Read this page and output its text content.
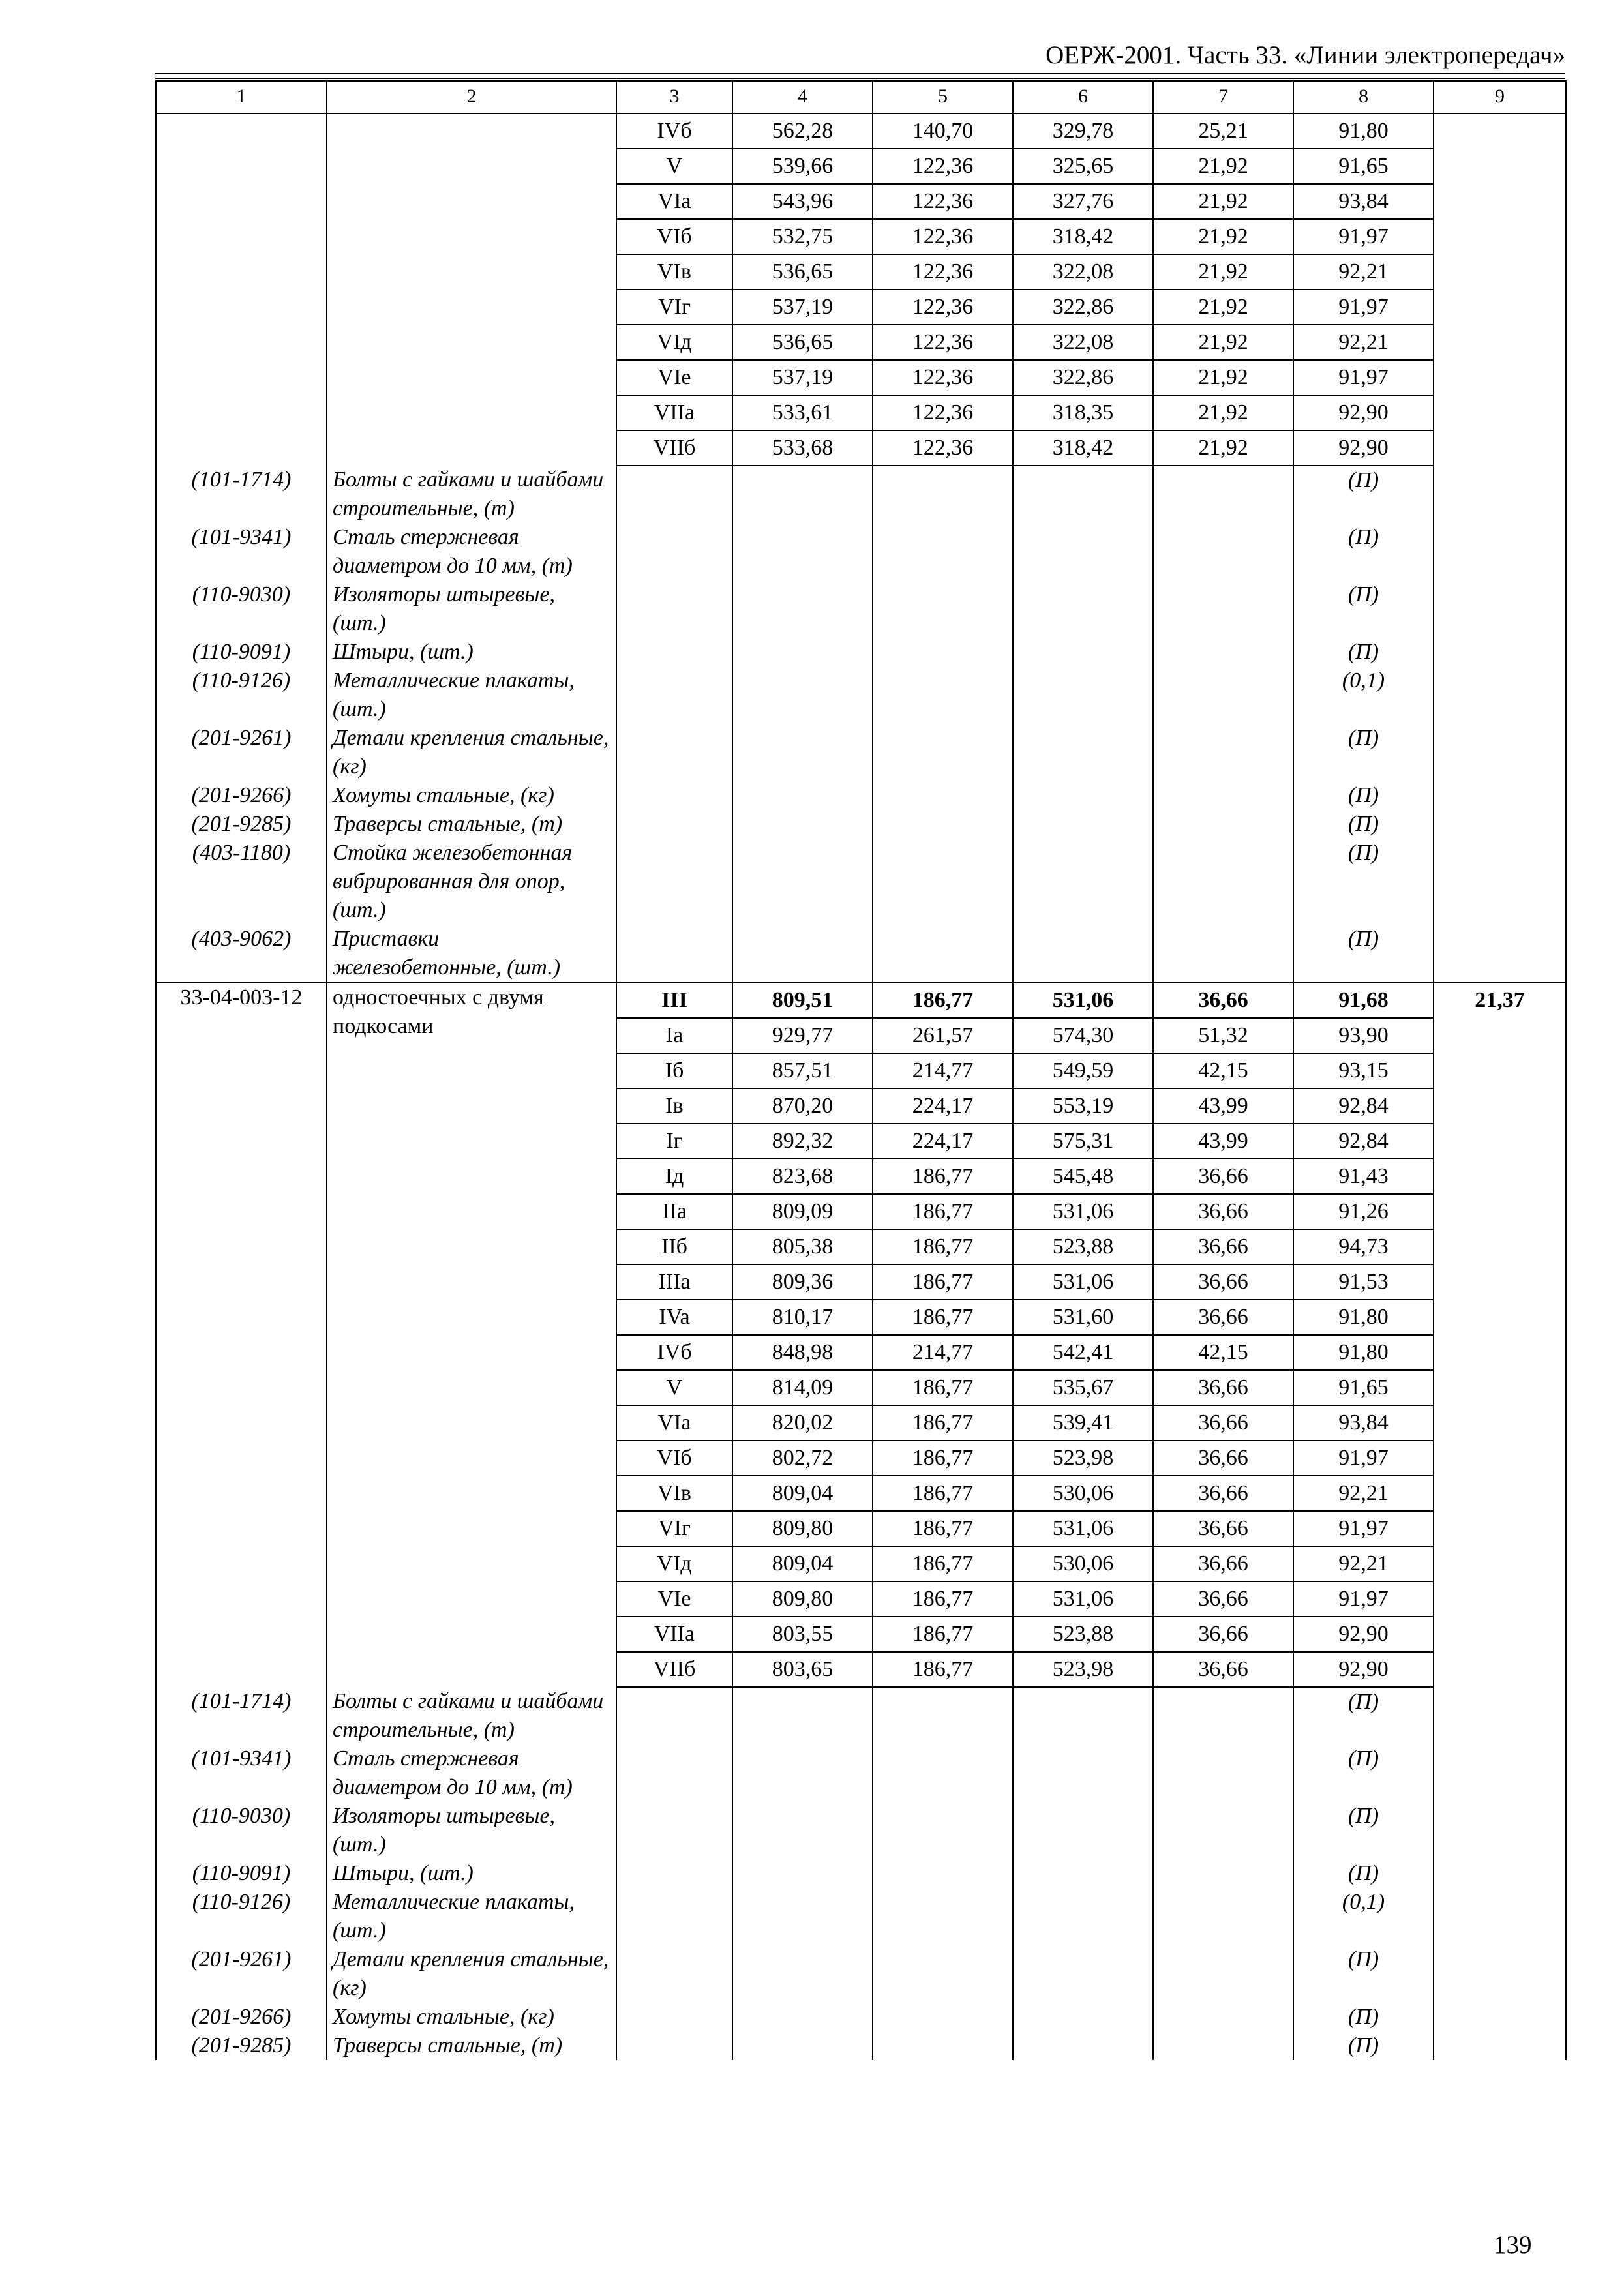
ОЕРЖ-2001. Часть 33. «Линии электропередач»
1	2	3	4	5	6	7	8	9
		IVб	562,28	140,70	329,78	25,21	91,80	
		V	539,66	122,36	325,65	21,92	91,65	
		VIa	543,96	122,36	327,76	21,92	93,84	
		VIб	532,75	122,36	318,42	21,92	91,97	
		VIв	536,65	122,36	322,08	21,92	92,21	
		VIг	537,19	122,36	322,86	21,92	91,97	
		VIд	536,65	122,36	322,08	21,92	92,21	
		VIе	537,19	122,36	322,86	21,92	91,97	
		VIIa	533,61	122,36	318,35	21,92	92,90	
		VIIб	533,68	122,36	318,42	21,92	92,90	
(101-1714)	Болты с гайками и шайбами строительные, (т)						(П)	
(101-9341)	Сталь стержневая диаметром до 10 мм, (т)						(П)	
(110-9030)	Изоляторы штыревые, (шт.)						(П)	
(110-9091)	Штыри, (шт.)						(П)	
(110-9126)	Металлические плакаты, (шт.)						(0,1)	
(201-9261)	Детали крепления стальные, (кг)						(П)	
(201-9266)	Хомуты стальные, (кг)						(П)	
(201-9285)	Траверсы стальные, (т)						(П)	
(403-1180)	Стойка железобетонная вибрированная для опор, (шт.)						(П)	
(403-9062)	Приставки железобетонные, (шт.)						(П)	
33-04-003-12	одностоечных с двумя подкосами	III	809,51	186,77	531,06	36,66	91,68	21,37
		Ia	929,77	261,57	574,30	51,32	93,90	
		Iб	857,51	214,77	549,59	42,15	93,15	
		Iв	870,20	224,17	553,19	43,99	92,84	
		Iг	892,32	224,17	575,31	43,99	92,84	
		Iд	823,68	186,77	545,48	36,66	91,43	
		IIa	809,09	186,77	531,06	36,66	91,26	
		IIб	805,38	186,77	523,88	36,66	94,73	
		IIIa	809,36	186,77	531,06	36,66	91,53	
		IVa	810,17	186,77	531,60	36,66	91,80	
		IVб	848,98	214,77	542,41	42,15	91,80	
		V	814,09	186,77	535,67	36,66	91,65	
		VIa	820,02	186,77	539,41	36,66	93,84	
		VIб	802,72	186,77	523,98	36,66	91,97	
		VIв	809,04	186,77	530,06	36,66	92,21	
		VIг	809,80	186,77	531,06	36,66	91,97	
		VIд	809,04	186,77	530,06	36,66	92,21	
		VIе	809,80	186,77	531,06	36,66	91,97	
		VIIa	803,55	186,77	523,88	36,66	92,90	
		VIIб	803,65	186,77	523,98	36,66	92,90	
(101-1714)	Болты с гайками и шайбами строительные, (т)						(П)	
(101-9341)	Сталь стержневая диаметром до 10 мм, (т)						(П)	
(110-9030)	Изоляторы штыревые, (шт.)						(П)	
(110-9091)	Штыри, (шт.)						(П)	
(110-9126)	Металлические плакаты, (шт.)						(0,1)	
(201-9261)	Детали крепления стальные, (кг)						(П)	
(201-9266)	Хомуты стальные, (кг)						(П)	
(201-9285)	Траверсы стальные, (т)						(П)	
139
